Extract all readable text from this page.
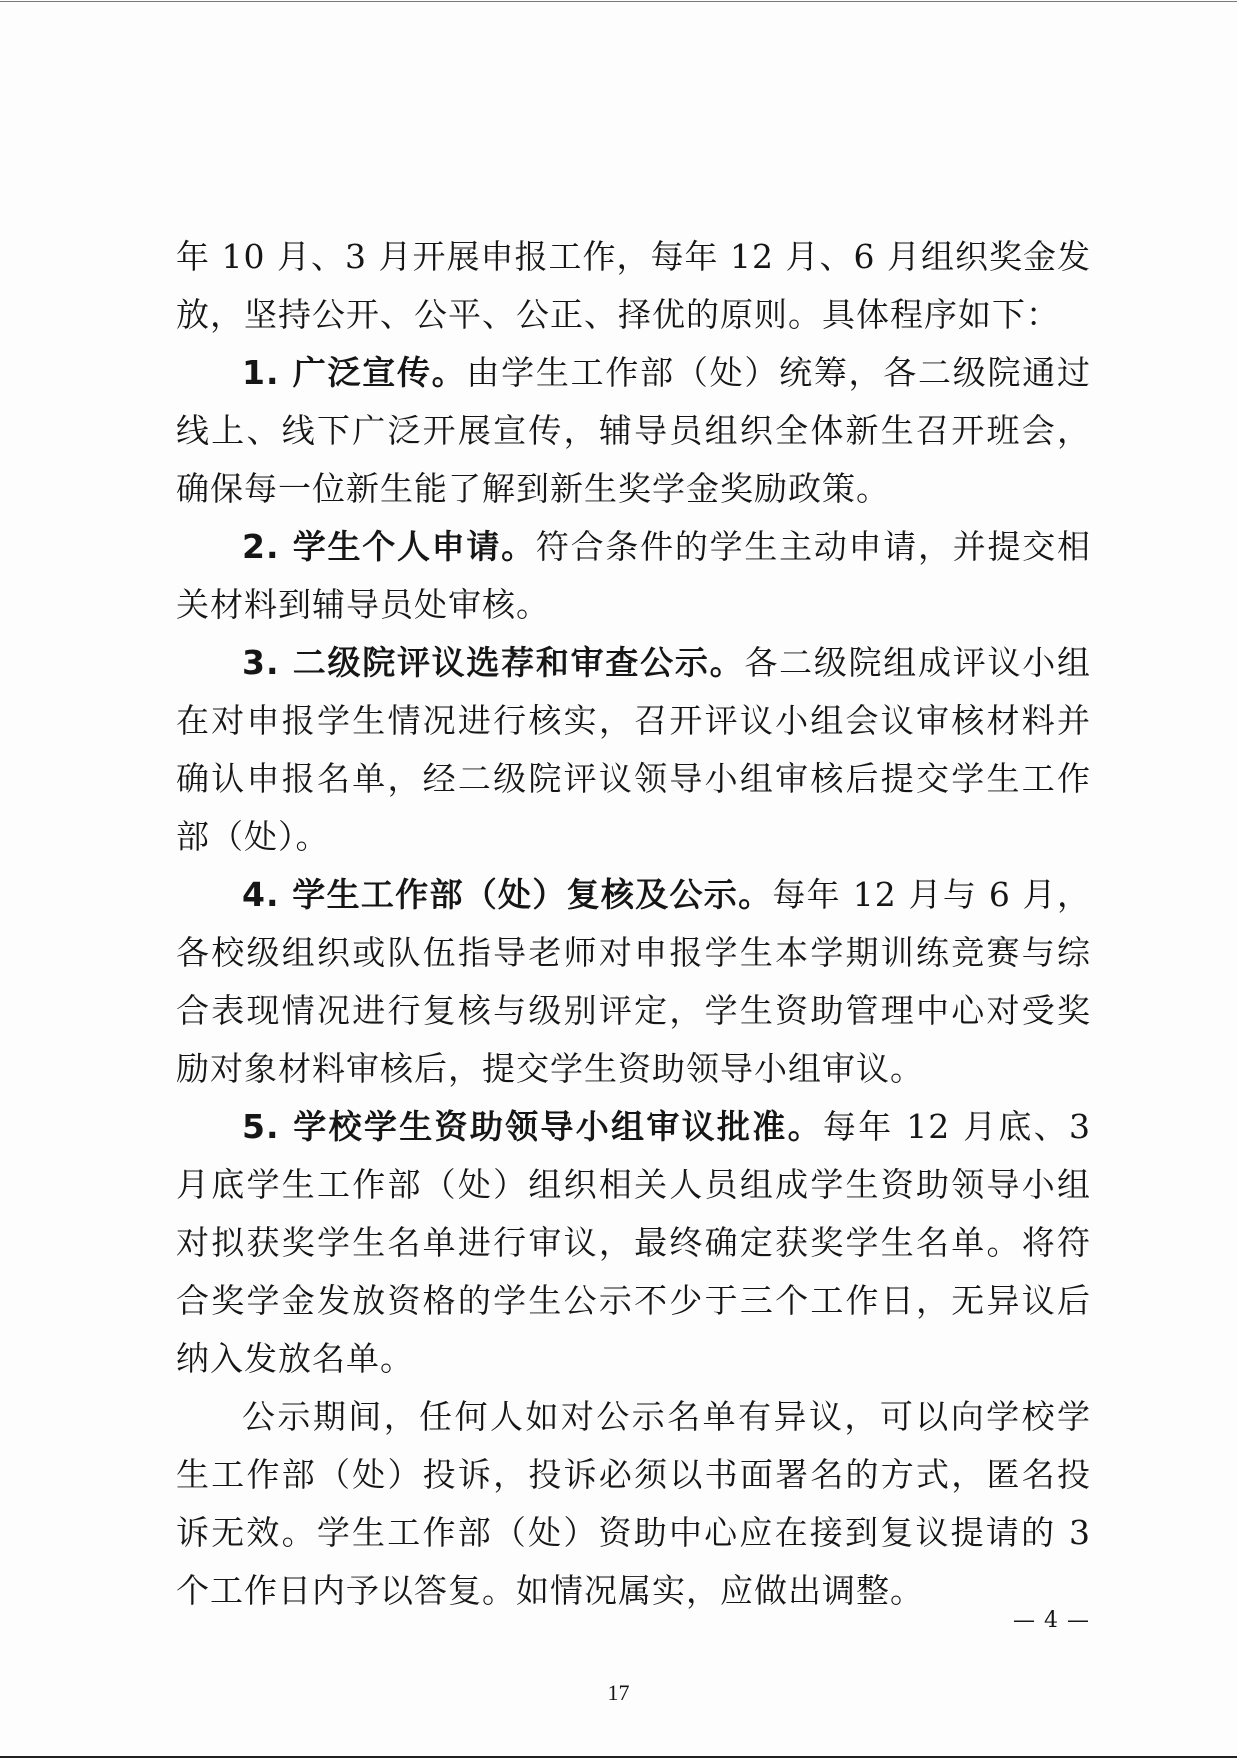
年 10 月、3 月开展申报工作，每年 12 月、6 月组织奖金发放，坚持公开、公平、公正、择优的原则。具体程序如下：

1. 广泛宣传。由学生工作部（处）统筹，各二级院通过线上、线下广泛开展宣传，辅导员组织全体新生召开班会，确保每一位新生能了解到新生奖学金奖励政策。

2. 学生个人申请。符合条件的学生主动申请，并提交相关材料到辅导员处审核。

3. 二级院评议选荐和审查公示。各二级院组成评议小组在对申报学生情况进行核实，召开评议小组会议审核材料并确认申报名单，经二级院评议领导小组审核后提交学生工作部（处）。

4. 学生工作部（处）复核及公示。每年 12 月与 6 月，各校级组织或队伍指导老师对申报学生本学期训练竞赛与综合表现情况进行复核与级别评定，学生资助管理中心对受奖励对象材料审核后，提交学生资助领导小组审议。

5. 学校学生资助领导小组审议批准。每年 12 月底、3 月底学生工作部（处）组织相关人员组成学生资助领导小组对拟获奖学生名单进行审议，最终确定获奖学生名单。将符合奖学金发放资格的学生公示不少于三个工作日，无异议后纳入发放名单。

公示期间，任何人如对公示名单有异议，可以向学校学生工作部（处）投诉，投诉必须以书面署名的方式，匿名投诉无效。学生工作部（处）资助中心应在接到复议提请的 3 个工作日内予以答复。如情况属实，应做出调整。

— 4 —
17
